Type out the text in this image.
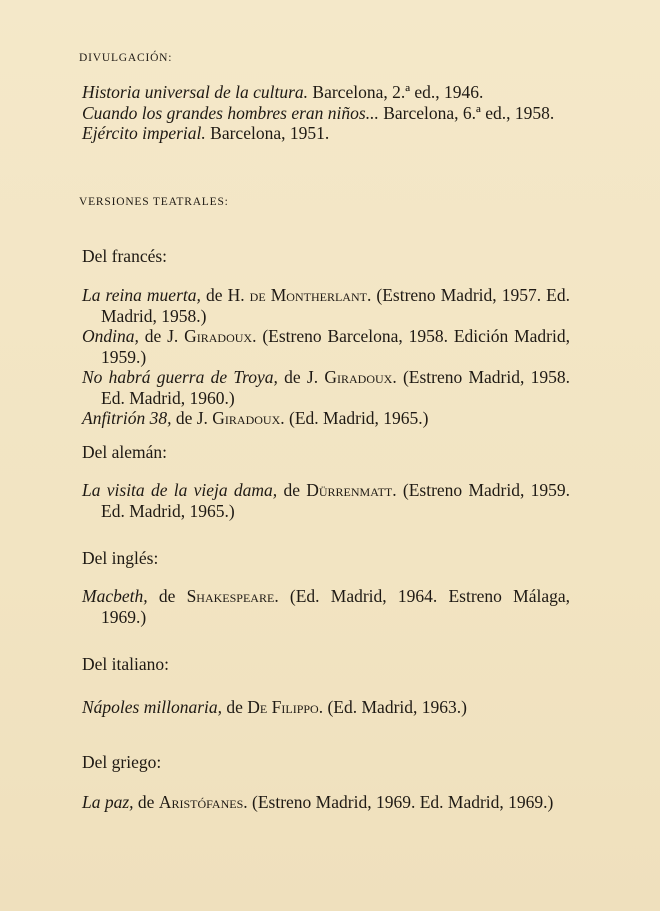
DIVULGACIÓN:
Historia universal de la cultura. Barcelona, 2.ª ed., 1946.
Cuando los grandes hombres eran niños... Barcelona, 6.ª ed., 1958.
Ejército imperial. Barcelona, 1951.
VERSIONES TEATRALES:
Del francés:
La reina muerta, de H. de Montherlant. (Estreno Madrid, 1957. Ed. Madrid, 1958.)
Ondina, de J. Giradoux. (Estreno Barcelona, 1958. Edición Madrid, 1959.)
No habrá guerra de Troya, de J. Giradoux. (Estreno Madrid, 1958. Ed. Madrid, 1960.)
Anfitrión 38, de J. Giradoux. (Ed. Madrid, 1965.)
Del alemán:
La visita de la vieja dama, de Dürrenmatt. (Estreno Madrid, 1959. Ed. Madrid, 1965.)
Del inglés:
Macbeth, de Shakespeare. (Ed. Madrid, 1964. Estreno Málaga, 1969.)
Del italiano:
Nápoles millonaria, de De Filippo. (Ed. Madrid, 1963.)
Del griego:
La paz, de Aristófanes. (Estreno Madrid, 1969. Ed. Madrid, 1969.)
